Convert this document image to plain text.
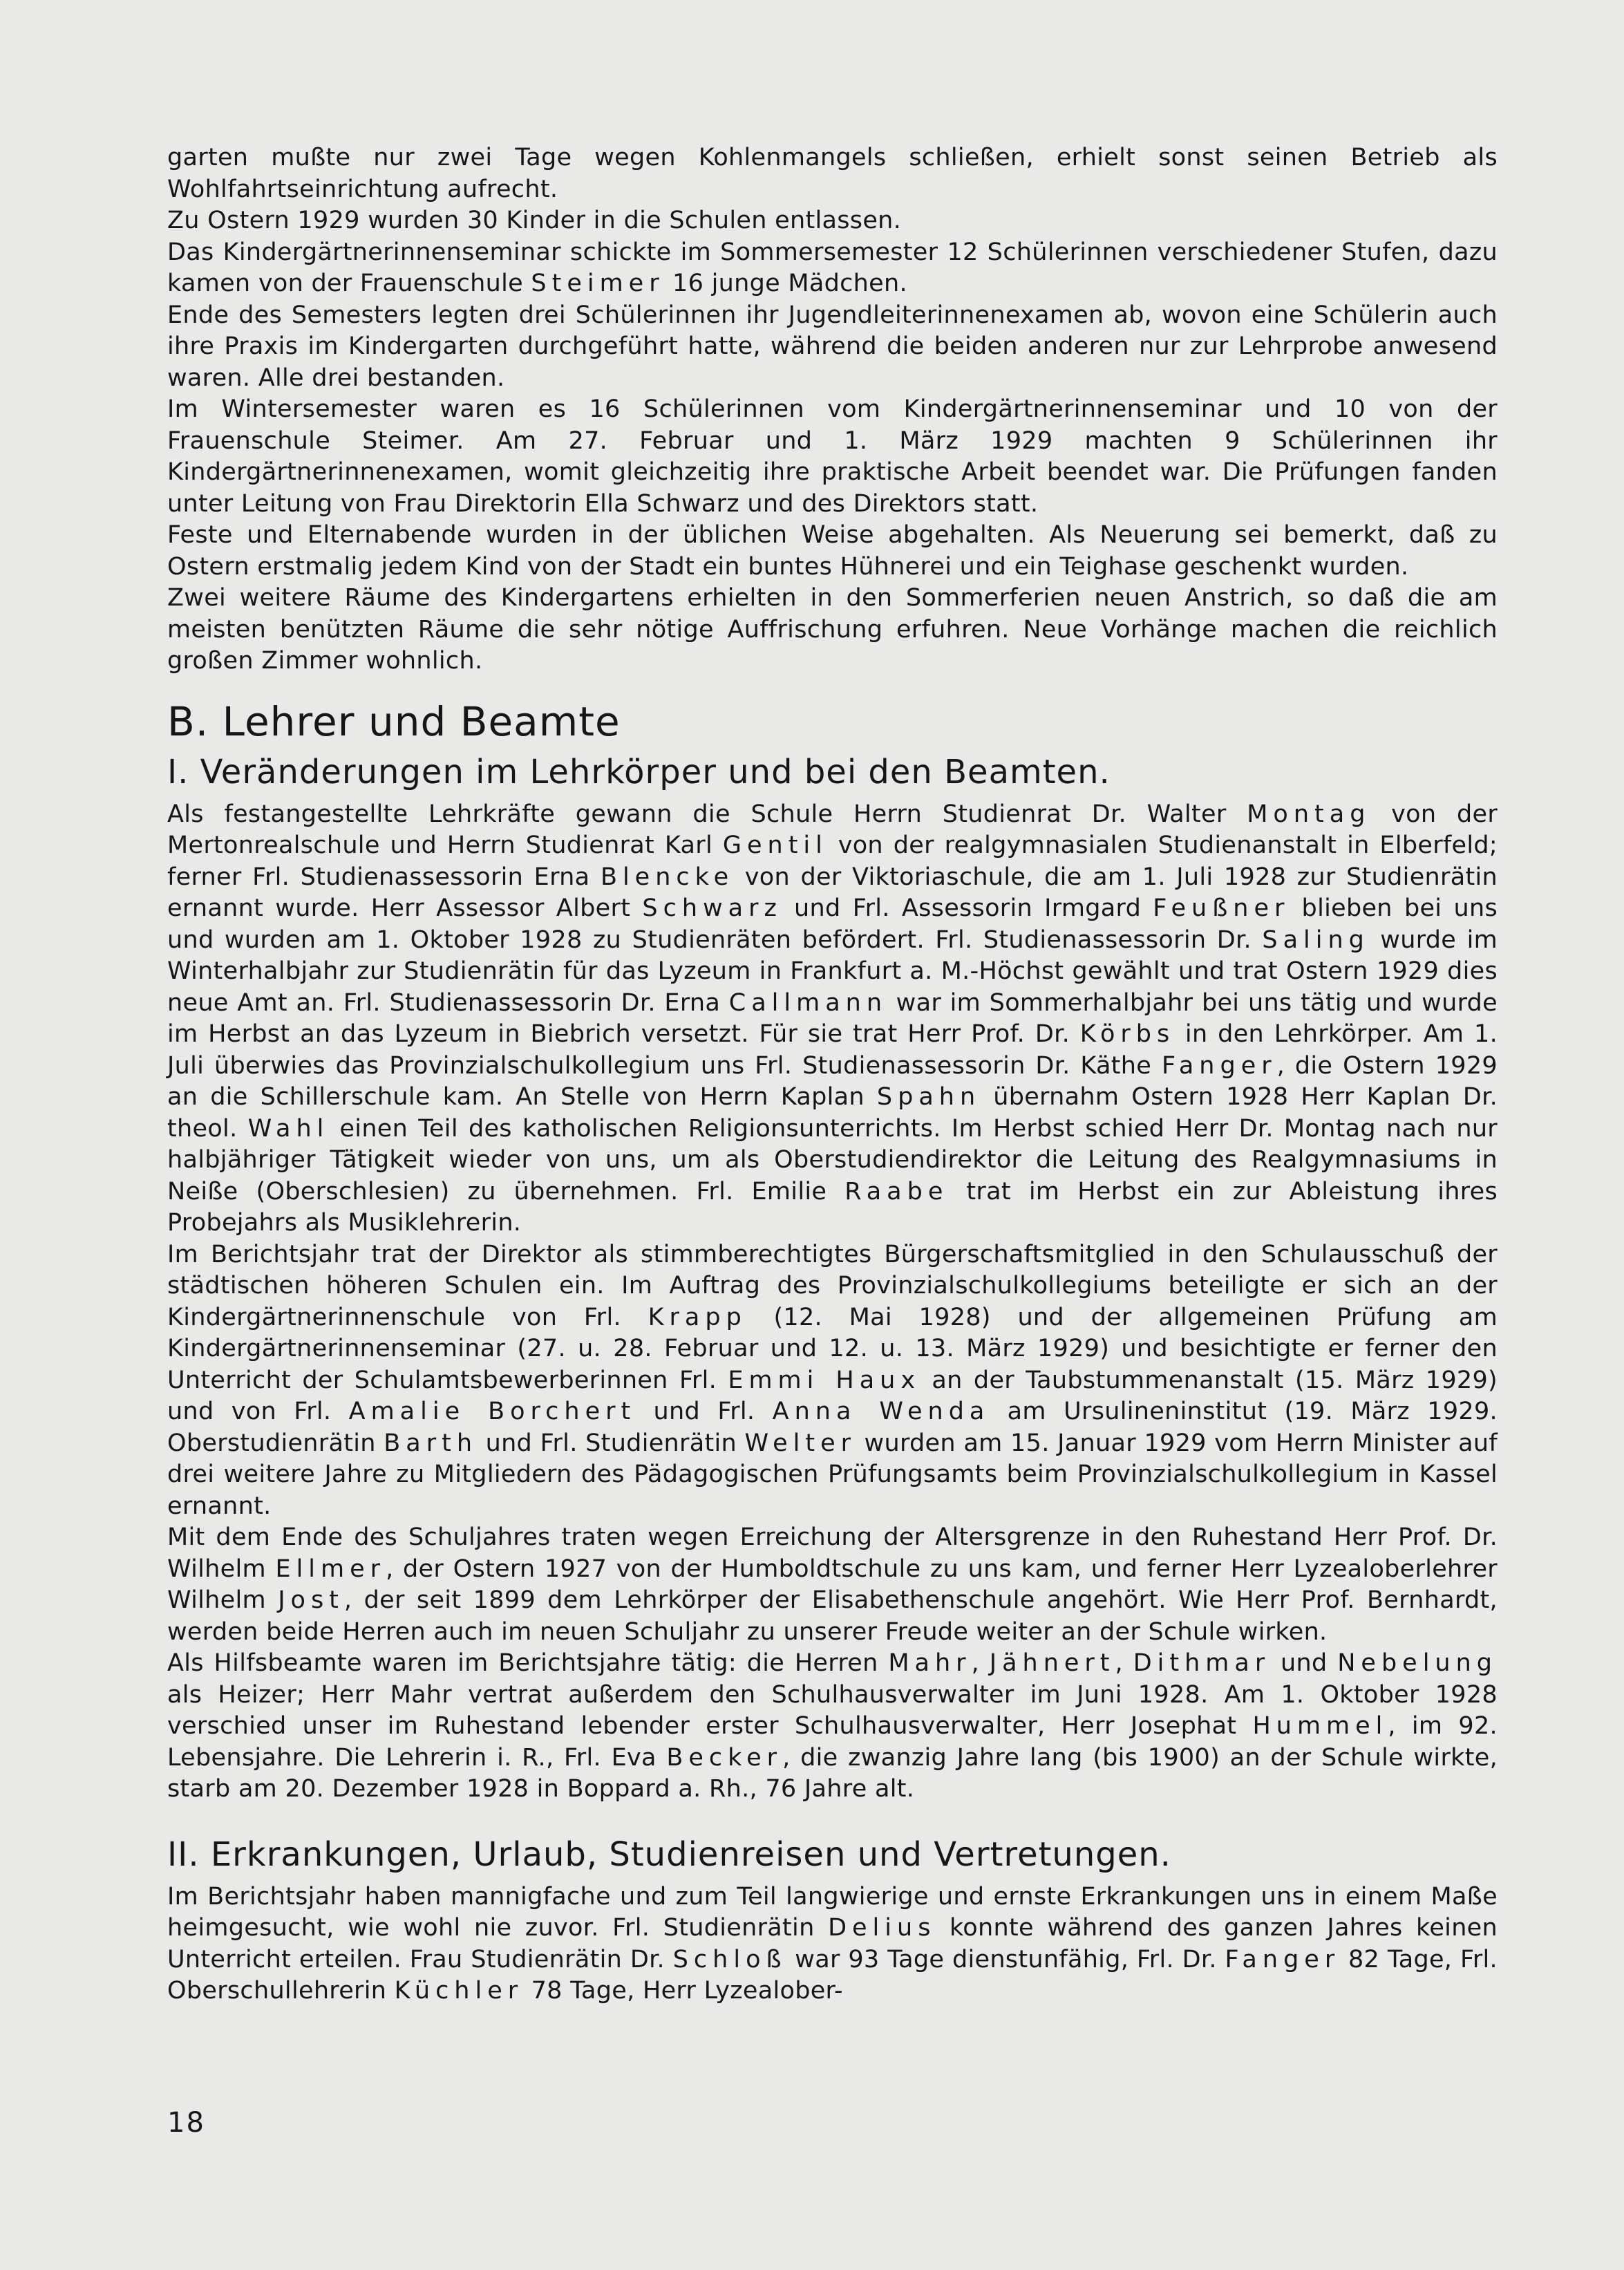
garten mußte nur zwei Tage wegen Kohlenmangels schließen, erhielt sonst seinen Betrieb als Wohlfahrtseinrichtung aufrecht.

Zu Ostern 1929 wurden 30 Kinder in die Schulen entlassen.

Das Kindergärtnerinnenseminar schickte im Sommersemester 12 Schülerinnen verschiedener Stufen, dazu kamen von der Frauenschule Steimer 16 junge Mädchen.

Ende des Semesters legten drei Schülerinnen ihr Jugendleiterinnenexamen ab, wovon eine Schülerin auch ihre Praxis im Kindergarten durchgeführt hatte, während die beiden anderen nur zur Lehrprobe anwesend waren. Alle drei bestanden.

Im Wintersemester waren es 16 Schülerinnen vom Kindergärtnerinnenseminar und 10 von der Frauenschule Steimer. Am 27. Februar und 1. März 1929 machten 9 Schülerinnen ihr Kindergärtnerinnenexamen, womit gleichzeitig ihre praktische Arbeit beendet war. Die Prüfungen fanden unter Leitung von Frau Direktorin Ella Schwarz und des Direktors statt.

Feste und Elternabende wurden in der üblichen Weise abgehalten. Als Neuerung sei bemerkt, daß zu Ostern erstmalig jedem Kind von der Stadt ein buntes Hühnerei und ein Teighase geschenkt wurden.

Zwei weitere Räume des Kindergartens erhielten in den Sommerferien neuen Anstrich, so daß die am meisten benützten Räume die sehr nötige Auffrischung erfuhren. Neue Vorhänge machen die reichlich großen Zimmer wohnlich.

B. Lehrer und Beamte
I. Veränderungen im Lehrkörper und bei den Beamten.

Als festangestellte Lehrkräfte gewann die Schule Herrn Studienrat Dr. Walter Montag von der Mertonrealschule und Herrn Studienrat Karl Gentil von der realgymnasialen Studienanstalt in Elberfeld; ferner Frl. Studienassessorin Erna Blencke von der Viktoriaschule, die am 1. Juli 1928 zur Studienrätin ernannt wurde. Herr Assessor Albert Schwarz und Frl. Assessorin Irmgard Feußner blieben bei uns und wurden am 1. Oktober 1928 zu Studienräten befördert. Frl. Studienassessorin Dr. Saling wurde im Winterhalbjahr zur Studienrätin für das Lyzeum in Frankfurt a. M.-Höchst gewählt und trat Ostern 1929 dies neue Amt an. Frl. Studienassessorin Dr. Erna Callmann war im Sommerhalbjahr bei uns tätig und wurde im Herbst an das Lyzeum in Biebrich versetzt. Für sie trat Herr Prof. Dr. Körbs in den Lehrkörper. Am 1. Juli überwies das Provinzialschulkollegium uns Frl. Studienassessorin Dr. Käthe Fanger, die Ostern 1929 an die Schillerschule kam. An Stelle von Herrn Kaplan Spahn übernahm Ostern 1928 Herr Kaplan Dr. theol. Wahl einen Teil des katholischen Religionsunterrichts. Im Herbst schied Herr Dr. Montag nach nur halbjähriger Tätigkeit wieder von uns, um als Oberstudiendirektor die Leitung des Realgymnasiums in Neiße (Oberschlesien) zu übernehmen. Frl. Emilie Raabe trat im Herbst ein zur Ableistung ihres Probejahrs als Musiklehrerin.

Im Berichtsjahr trat der Direktor als stimmberechtigtes Bürgerschaftsmitglied in den Schulausschuß der städtischen höheren Schulen ein. Im Auftrag des Provinzialschulkollegiums beteiligte er sich an der Kindergärtnerinnenschule von Frl. Krapp (12. Mai 1928) und der allgemeinen Prüfung am Kindergärtnerinnenseminar (27. u. 28. Februar und 12. u. 13. März 1929) und besichtigte er ferner den Unterricht der Schulamtsbewerberinnen Frl. Emmi Haux an der Taubstummenanstalt (15. März 1929) und von Frl. Amalie Borchert und Frl. Anna Wenda am Ursulineninstitut (19. März 1929. Oberstudienrätin Barth und Frl. Studienrätin Welter wurden am 15. Januar 1929 vom Herrn Minister auf drei weitere Jahre zu Mitgliedern des Pädagogischen Prüfungsamts beim Provinzialschulkollegium in Kassel ernannt.

Mit dem Ende des Schuljahres traten wegen Erreichung der Altersgrenze in den Ruhestand Herr Prof. Dr. Wilhelm Ellmer, der Ostern 1927 von der Humboldtschule zu uns kam, und ferner Herr Lyzealoberlehrer Wilhelm Jost, der seit 1899 dem Lehrkörper der Elisabethenschule angehört. Wie Herr Prof. Bernhardt, werden beide Herren auch im neuen Schuljahr zu unserer Freude weiter an der Schule wirken.

Als Hilfsbeamte waren im Berichtsjahre tätig: die Herren Mahr, Jähnert, Dithmar und Nebelung als Heizer; Herr Mahr vertrat außerdem den Schulhausverwalter im Juni 1928. Am 1. Oktober 1928 verschied unser im Ruhestand lebender erster Schulhausverwalter, Herr Josephat Hummel, im 92. Lebensjahre. Die Lehrerin i. R., Frl. Eva Becker, die zwanzig Jahre lang (bis 1900) an der Schule wirkte, starb am 20. Dezember 1928 in Boppard a. Rh., 76 Jahre alt.

II. Erkrankungen, Urlaub, Studienreisen und Vertretungen.

Im Berichtsjahr haben mannigfache und zum Teil langwierige und ernste Erkrankungen uns in einem Maße heimgesucht, wie wohl nie zuvor. Frl. Studienrätin Delius konnte während des ganzen Jahres keinen Unterricht erteilen. Frau Studienrätin Dr. Schloß war 93 Tage dienstunfähig, Frl. Dr. Fanger 82 Tage, Frl. Oberschullehrerin Küchler 78 Tage, Herr Lyzealober-

18
